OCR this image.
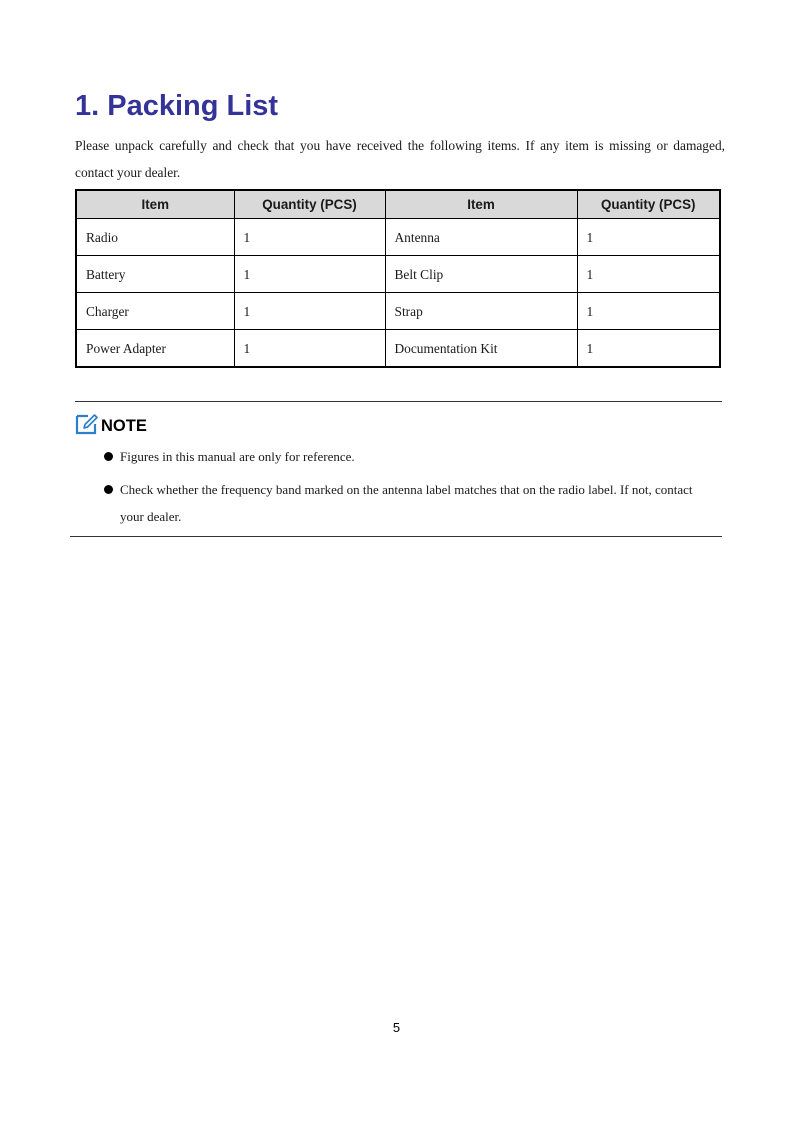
1. Packing List

Please unpack carefully and check that you have received the following items. If any item is missing or damaged, contact your dealer.

Item	Quantity (PCS)	Item	Quantity (PCS)
Radio	1	Antenna	1
Battery	1	Belt Clip	1
Charger	1	Strap	1
Power Adapter	1	Documentation Kit	1
NOTE
Figures in this manual are only for reference.
Check whether the frequency band marked on the antenna label matches that on the radio label. If not, contact your dealer.
5
